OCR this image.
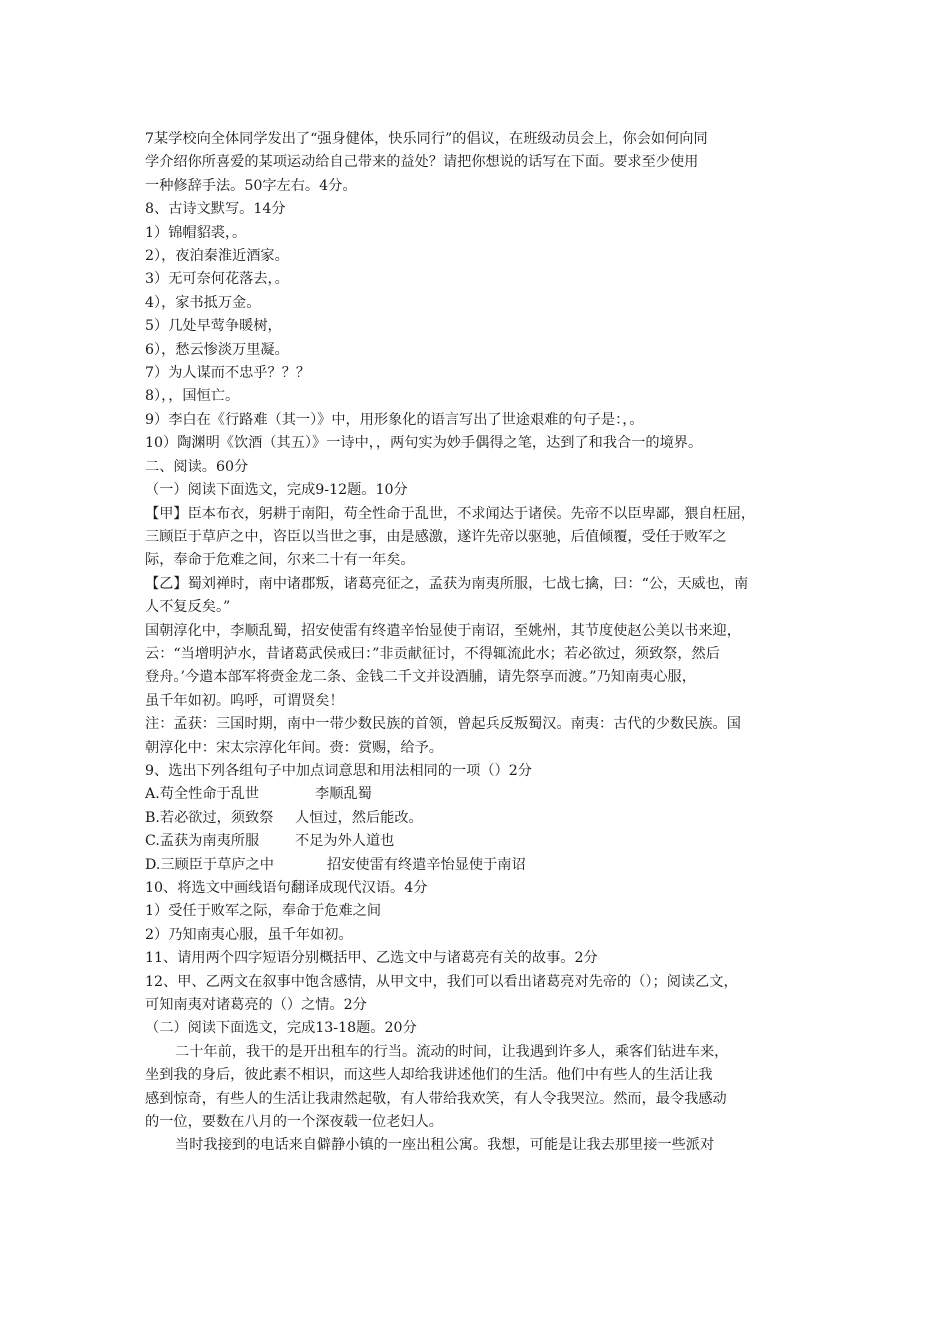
7某学校向全体同学发出了“强身健体，快乐同行”的倡议，在班级动员会上，你会如何向同
学介绍你所喜爱的某项运动给自己带来的益处？请把你想说的话写在下面。要求至少使用
一种修辞手法。50字左右。4分。
8、古诗文默写。14分
1）锦帽貂裘，。
2），夜泊秦淮近酒家。
3）无可奈何花落去，。
4），家书抵万金。
5）几处早莺争暖树，
6），愁云惨淡万里凝。
7）为人谋而不忠乎？？？
8），，国恒亡。
9）李白在《行路难（其一）》中，用形象化的语言写出了世途艰难的句子是：，。
10）陶渊明《饮酒（其五）》一诗中，，两句实为妙手偶得之笔，达到了和我合一的境界。
二、阅读。60分
（一）阅读下面选文，完成9-12题。10分
【甲】臣本布衣，躬耕于南阳，苟全性命于乱世，不求闻达于诸侯。先帝不以臣卑鄙，猥自枉屈，
三顾臣于草庐之中，咨臣以当世之事，由是感激，遂许先帝以驱驰，后值倾覆，受任于败军之
际，奉命于危难之间，尔来二十有一年矣。
【乙】蜀刘禅时，南中诸郡叛，诸葛亮征之，孟获为南夷所服，七战七擒，曰：“公，天威也，南
人不复反矣。”
国朝淳化中，李顺乱蜀，招安使雷有终遣辛怡显使于南诏，至姚州，其节度使赵公美以书来迎，
云：“当增明泸水，昔诸葛武侯戒曰：”非贡献征讨，不得辄流此水；若必欲过，须致祭，然后
登舟。’今遣本部军将赍金龙二条、金钱二千文并设酒脯，请先祭享而渡。”乃知南夷心服，
虽千年如初。呜呼，可谓贤矣！
注：孟获：三国时期，南中一带少数民族的首领，曾起兵反叛蜀汉。南夷：古代的少数民族。国
朝淳化中：宋太宗淳化年间。赍：赏赐，给予。
9、选出下列各组句子中加点词意思和用法相同的一项（）2分
A.苟全性命于乱世	李顺乱蜀
B.若必欲过，须致祭 人恒过，然后能改。
C.孟获为南夷所服	不足为外人道也
D.三顾臣于草庐之中	招安使雷有终遣辛怡显使于南诏
10、将选文中画线语句翻译成现代汉语。4分
1）受任于败军之际，奉命于危难之间
2）乃知南夷心服，虽千年如初。
11、请用两个四字短语分别概括甲、乙选文中与诸葛亮有关的故事。2分
12、甲、乙两文在叙事中饱含感情，从甲文中，我们可以看出诸葛亮对先帝的（）；阅读乙文，
可知南夷对诸葛亮的（）之情。2分
（二）阅读下面选文，完成13-18题。20分
二十年前，我干的是开出租车的行当。流动的时间，让我遇到许多人，乘客们钻进车来，
坐到我的身后，彼此素不相识，而这些人却给我讲述他们的生活。他们中有些人的生活让我
感到惊奇，有些人的生活让我肃然起敬，有人带给我欢笑，有人令我哭泣。然而，最令我感动
的一位，要数在八月的一个深夜载一位老妇人。
当时我接到的电话来自僻静小镇的一座出租公寓。我想，可能是让我去那里接一些派对
